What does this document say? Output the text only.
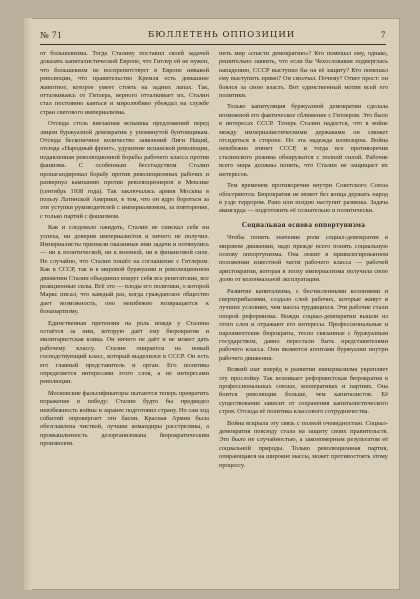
№ 71	БЮЛЛЕТЕНЬ ОППОЗИЦИИ	7

от большевизма. Тогда Сталину поставил своей задачей доказать капиталистической Европе, что Гитлер ей не нужен, что большевизм не воспрепятствует в Европе никакой революции, что правительство Кремля есть домашнее животное, которое умеет стоять на задних лапах. Так, отталкиваясь от Гитлера, верного отталкивает их. Сталин стал постоянно каяться и миролюбиво убеждал на службе стран светового империализма.

Отсюда столь внезапная вспышка предложений перед лицом буржуазной демократии у упомянутой бунтовщикам. Отсюда бесконечное количество заявлений Лиги Наций, отсюда «Народный фронт», удушение испанской революции, подавленная революционной борьбы рабочего класса против фашизма. С особенным бесстыдством Сталин пропагандировал борьбу против революционных рабочих и развернул кампанию против революционеров в Мексике (сентябрь 1938 года). Так заключалась армия Москвы в пользу Латинской Америки, в том, что он ядро бороться за эти уступки руководителей с империализмом, за повторение, с только партий с фашизмом.

Как и следовало ожидать, Сталин не снискал себе ни успеха, ни доверия империалистов и ничего не получил. Империалисты признали оказанные ими задачи и потянулись — ни к политической, ни к военной, ни к финансовой силе. Не случайно, что Сталин пошёл на соглашение с Гитлером. Как в СССР, так и в мировой буржуазии и революционном движении Сталин объединил вокруг себя все ренегатские, все реакционные силы. Всё это — плоды его политики, о которой Маркс писал, что каждый раз, когда гражданское общество дает возможность, оно неизбежно возвращается к бонапартизму.

Единственная претензия на роль вождя у Сталина остаётся за ним, которую даёт ему бюрократия и милитаристская клика. Он ничего не даёт и не может дать рабочему классу. Сталин опирается на новый господствующий класс, который выделился в СССР. Он есть его главный представитель и орган. Его политика определяется интересами этого слоя, а не интересами революции.

Московские фальсификаторы пытаются теперь превратить поражение в победу: Сталин будто бы предвидел неизбежность войны и заранее подготовил страну. Но сам ход событий опровергает эти басни. Красная Армия была обезглавлена чисткой, лучшие командиры расстреляны, а промышленность дезорганизована бюрократическим произволом.

нить мир «спасти демократию»? Кто помешал ему, однако, решительно заявить, что если бы Чехословакия подверглась нападению, СССР выступил бы на её защиту? Кто помешал ему выступить прямо? Он смолчал. Почему? Ответ прост: он боялся за свою власть. Вот единственный мотив всей его политики.

Только капитуляция буржуазной демократии сделала возможной его фактическое сближение с Гитлером. Это было в интересах СССР. Теперь Сталин надеется, что в войне между империалистическими державами он сможет отсидеться в стороне. Но эта надежда иллюзорна. Война неизбежно втянет СССР, и тогда все противоречия сталинского режима обнаружатся с полной силой. Рабочие всего мира должны понять, что Сталин не защищает их интересов.

Тем временем противоречия внутри Советского Союза обостряются. Бюрократия не может без конца держать народ в узде террором. Рано или поздно наступит развязка. Задача авангарда — подготовить её сознательно и политически.

Социальная основа оппортунизма

Чтобы понять значение роли социал-демократии в мировом движении, надо прежде всего понять социальную основу оппортунизма. Она лежит в привилегированном положении известной части рабочего класса — рабочей аристократии, которая в эпоху империализма получила свою долю от колониальной эксплуатации.

Развитие капитализма, с бесчисленными колониями и сверхприбылями, создало слой рабочих, которые живут в лучших условиях, чем массы трудящихся. Эти рабочие стали опорой реформизма. Вожди социал-демократии вышли из этого слоя и отражают его интересы. Профессиональные и парламентские бюрократы, тесно связанные с буржуазным государством, давно перестали быть представителями рабочего класса. Они являются агентами буржуазии внутри рабочего движения.

Всякий шаг вперёд в развитии империализма укрепляет эту прослойку. Так возникает реформистская бюрократия в профессиональных союзах, кооперативах и партиях. Она боится революции больше, чем капиталистов. Её существование зависит от сохранения капиталистического строя. Отсюда её политика классового сотрудничества.

Война вскрыла эту связь с полной очевидностью. Социал-демократия повсюду стала на защиту своих правительств. Это было не случайностью, а закономерным результатом её социальной природы. Только революционная партия, опирающаяся на широкие массы, может противостоять этому процессу.
